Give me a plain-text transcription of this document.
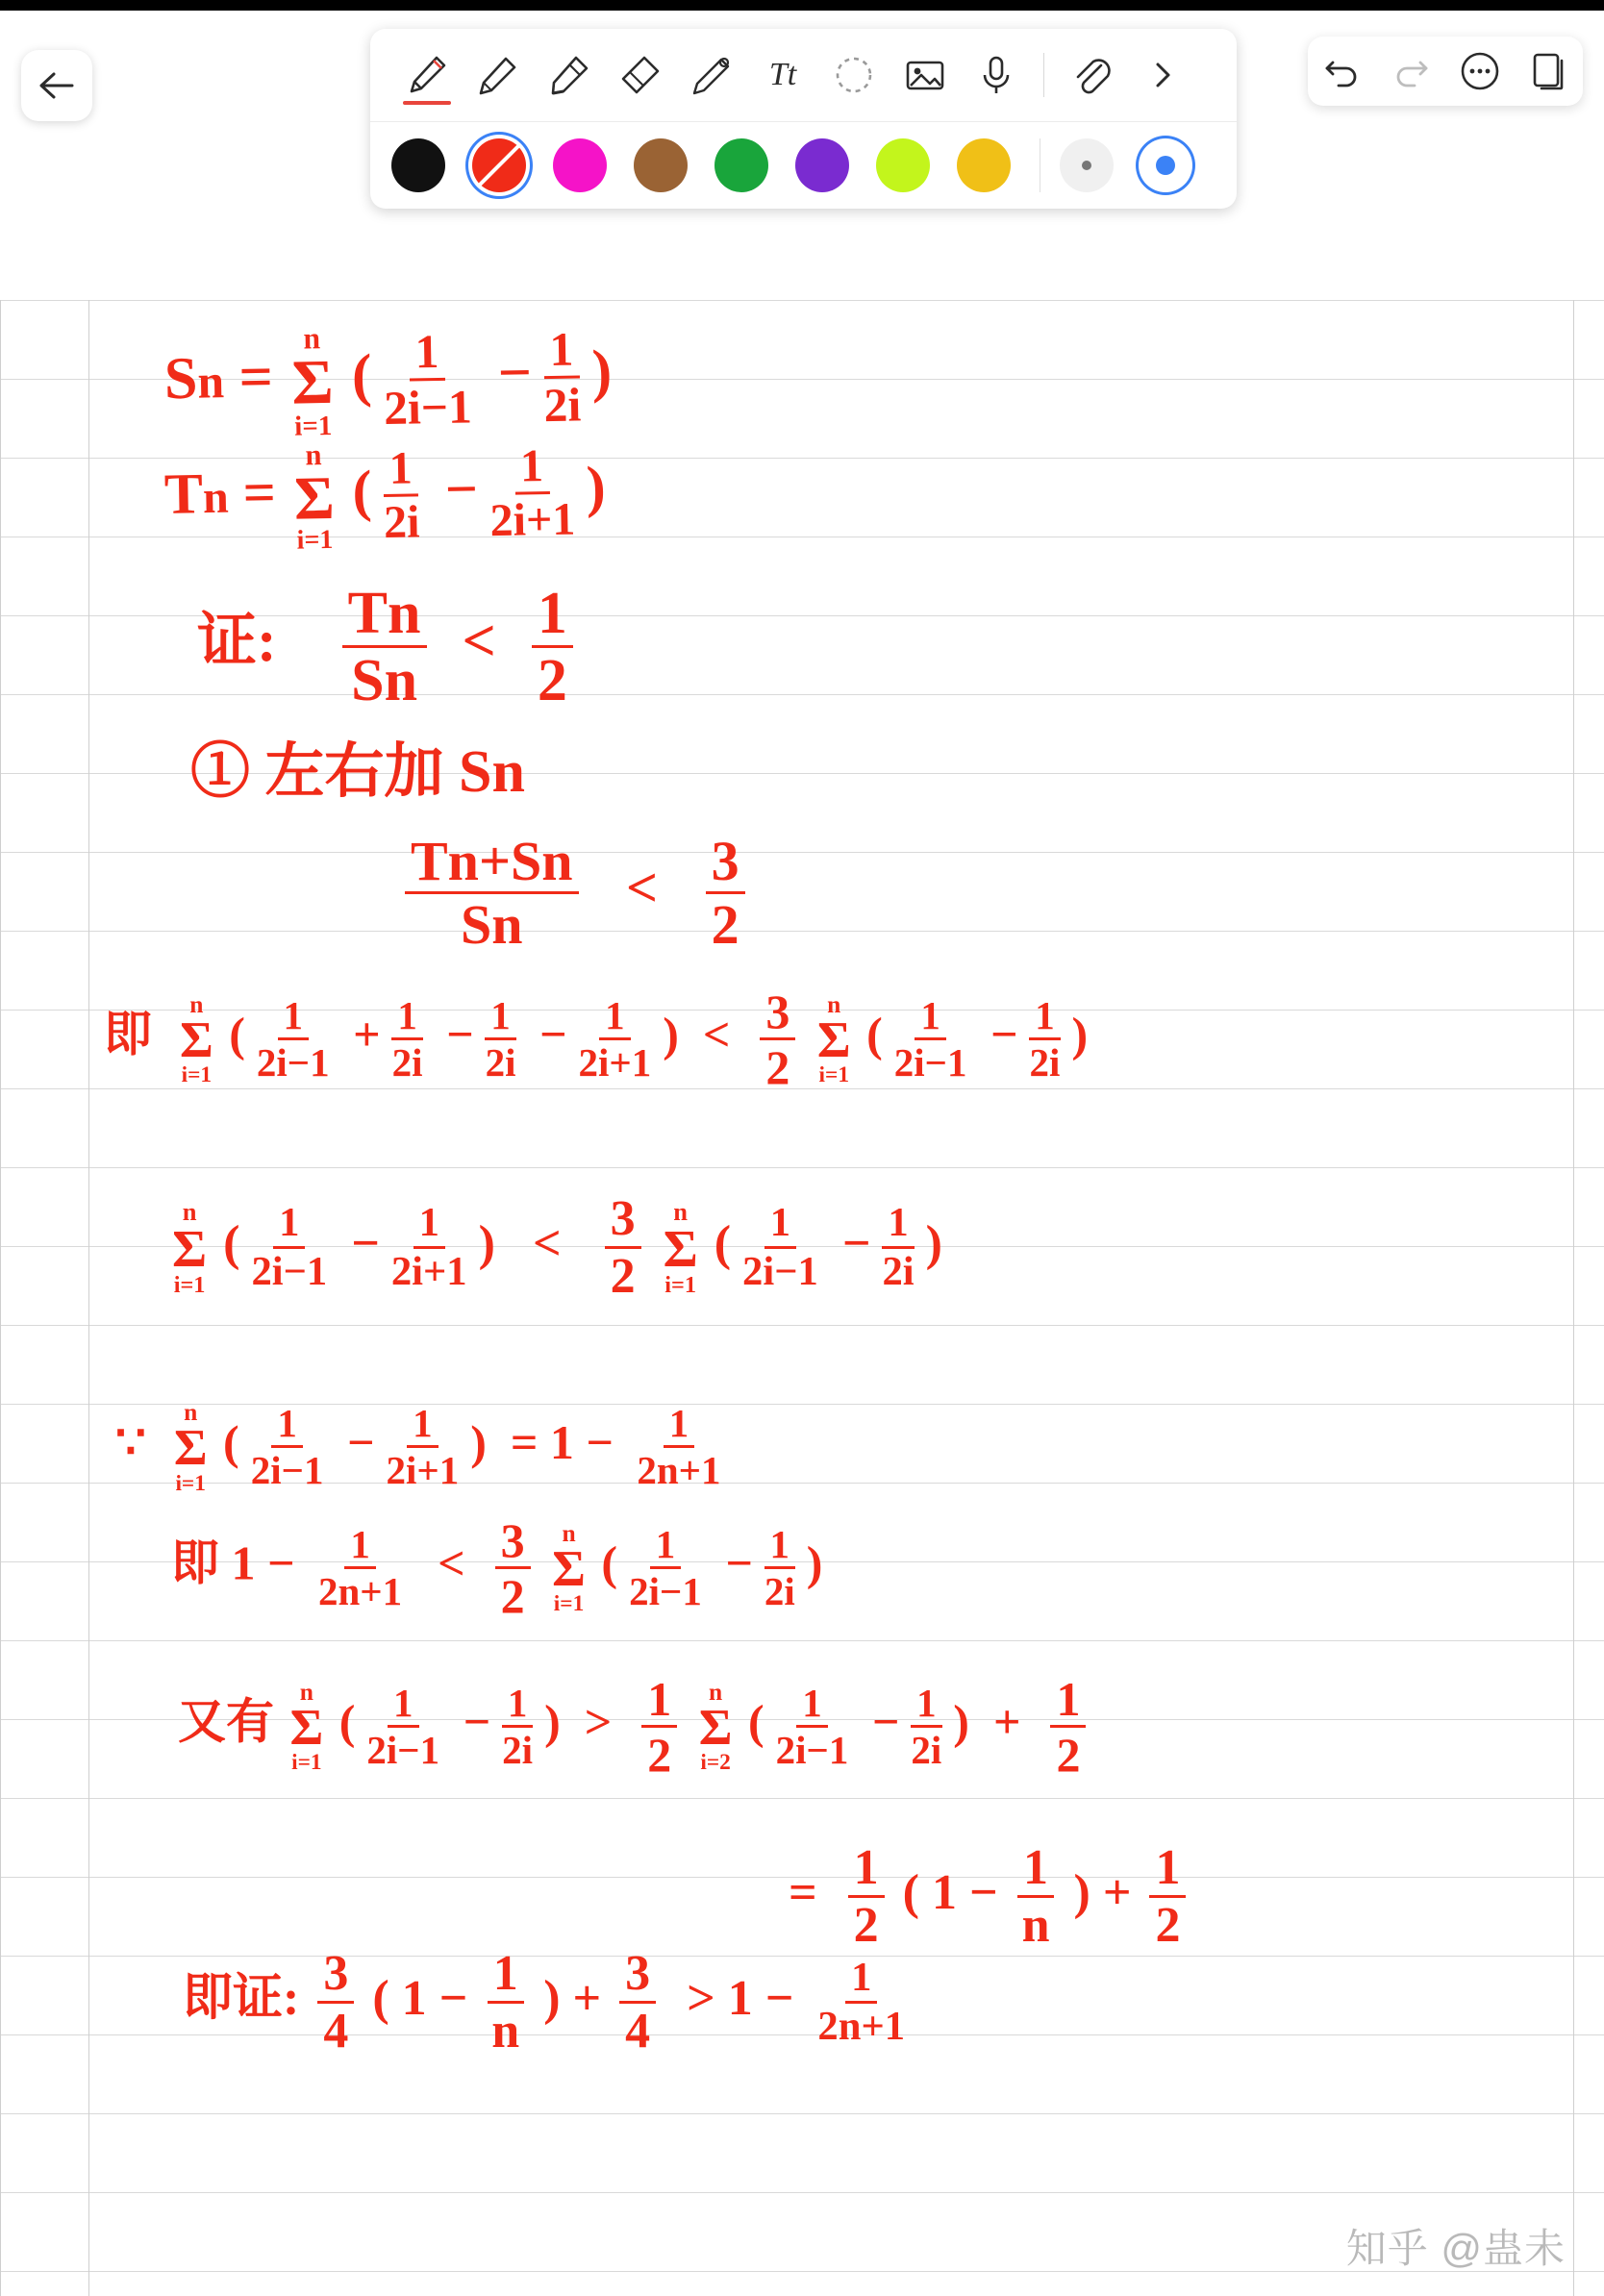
Tt
Sn =
n
Σ
i=1
( $\frac{1}{2i-1} - \frac{1}{2i}$ )
Tn =
n
Σ
i=1
( $\frac{1}{2i} - \frac{1}{2i+1}$ )
证: $\frac{Tn}{Sn} < \frac{1}{2}$
① 左右加 Sn
$\frac{Tn+Sn}{Sn} < \frac{3}{2}$
即
n
Σ
i=1
( $\frac{1}{2i-1} + \frac{1}{2i} - \frac{1}{2i} - \frac{1}{2i+1}$ )  < $\frac{3}{2}$
n
Σ
i=1
( $\frac{1}{2i-1} - \frac{1}{2i}$ )
n
Σ
i=1
( $\frac{1}{2i-1} - \frac{1}{2i+1}$ )   < $\frac{3}{2}$
n
Σ
i=1
( $\frac{1}{2i-1} - \frac{1}{2i}$ )
∵
n
Σ
i=1
( $\frac{1}{2i-1} - \frac{1}{2i+1}$ )  = $1 - \frac{1}{2n+1}$
即 $1 - \frac{1}{2n+1} < \frac{3}{2}$
n
Σ
i=1
( $\frac{1}{2i-1} - \frac{1}{2i}$ )
又有
n
Σ
i=1
( $\frac{1}{2i-1} - \frac{1}{2i}$ )  > $\frac{1}{2}$
n
Σ
i=2
( $\frac{1}{2i-1} - \frac{1}{2i}$ )  + $\frac{1}{2}$
= $\frac{1}{2}$ ( $1 - \frac{1}{n}$ ) + $\frac{1}{2}$
即证: $\frac{3}{4}$ ( $1 - \frac{1}{n}$ ) + $\frac{3}{4} > 1 - \frac{1}{2n+1}$
知乎 @蛊未
